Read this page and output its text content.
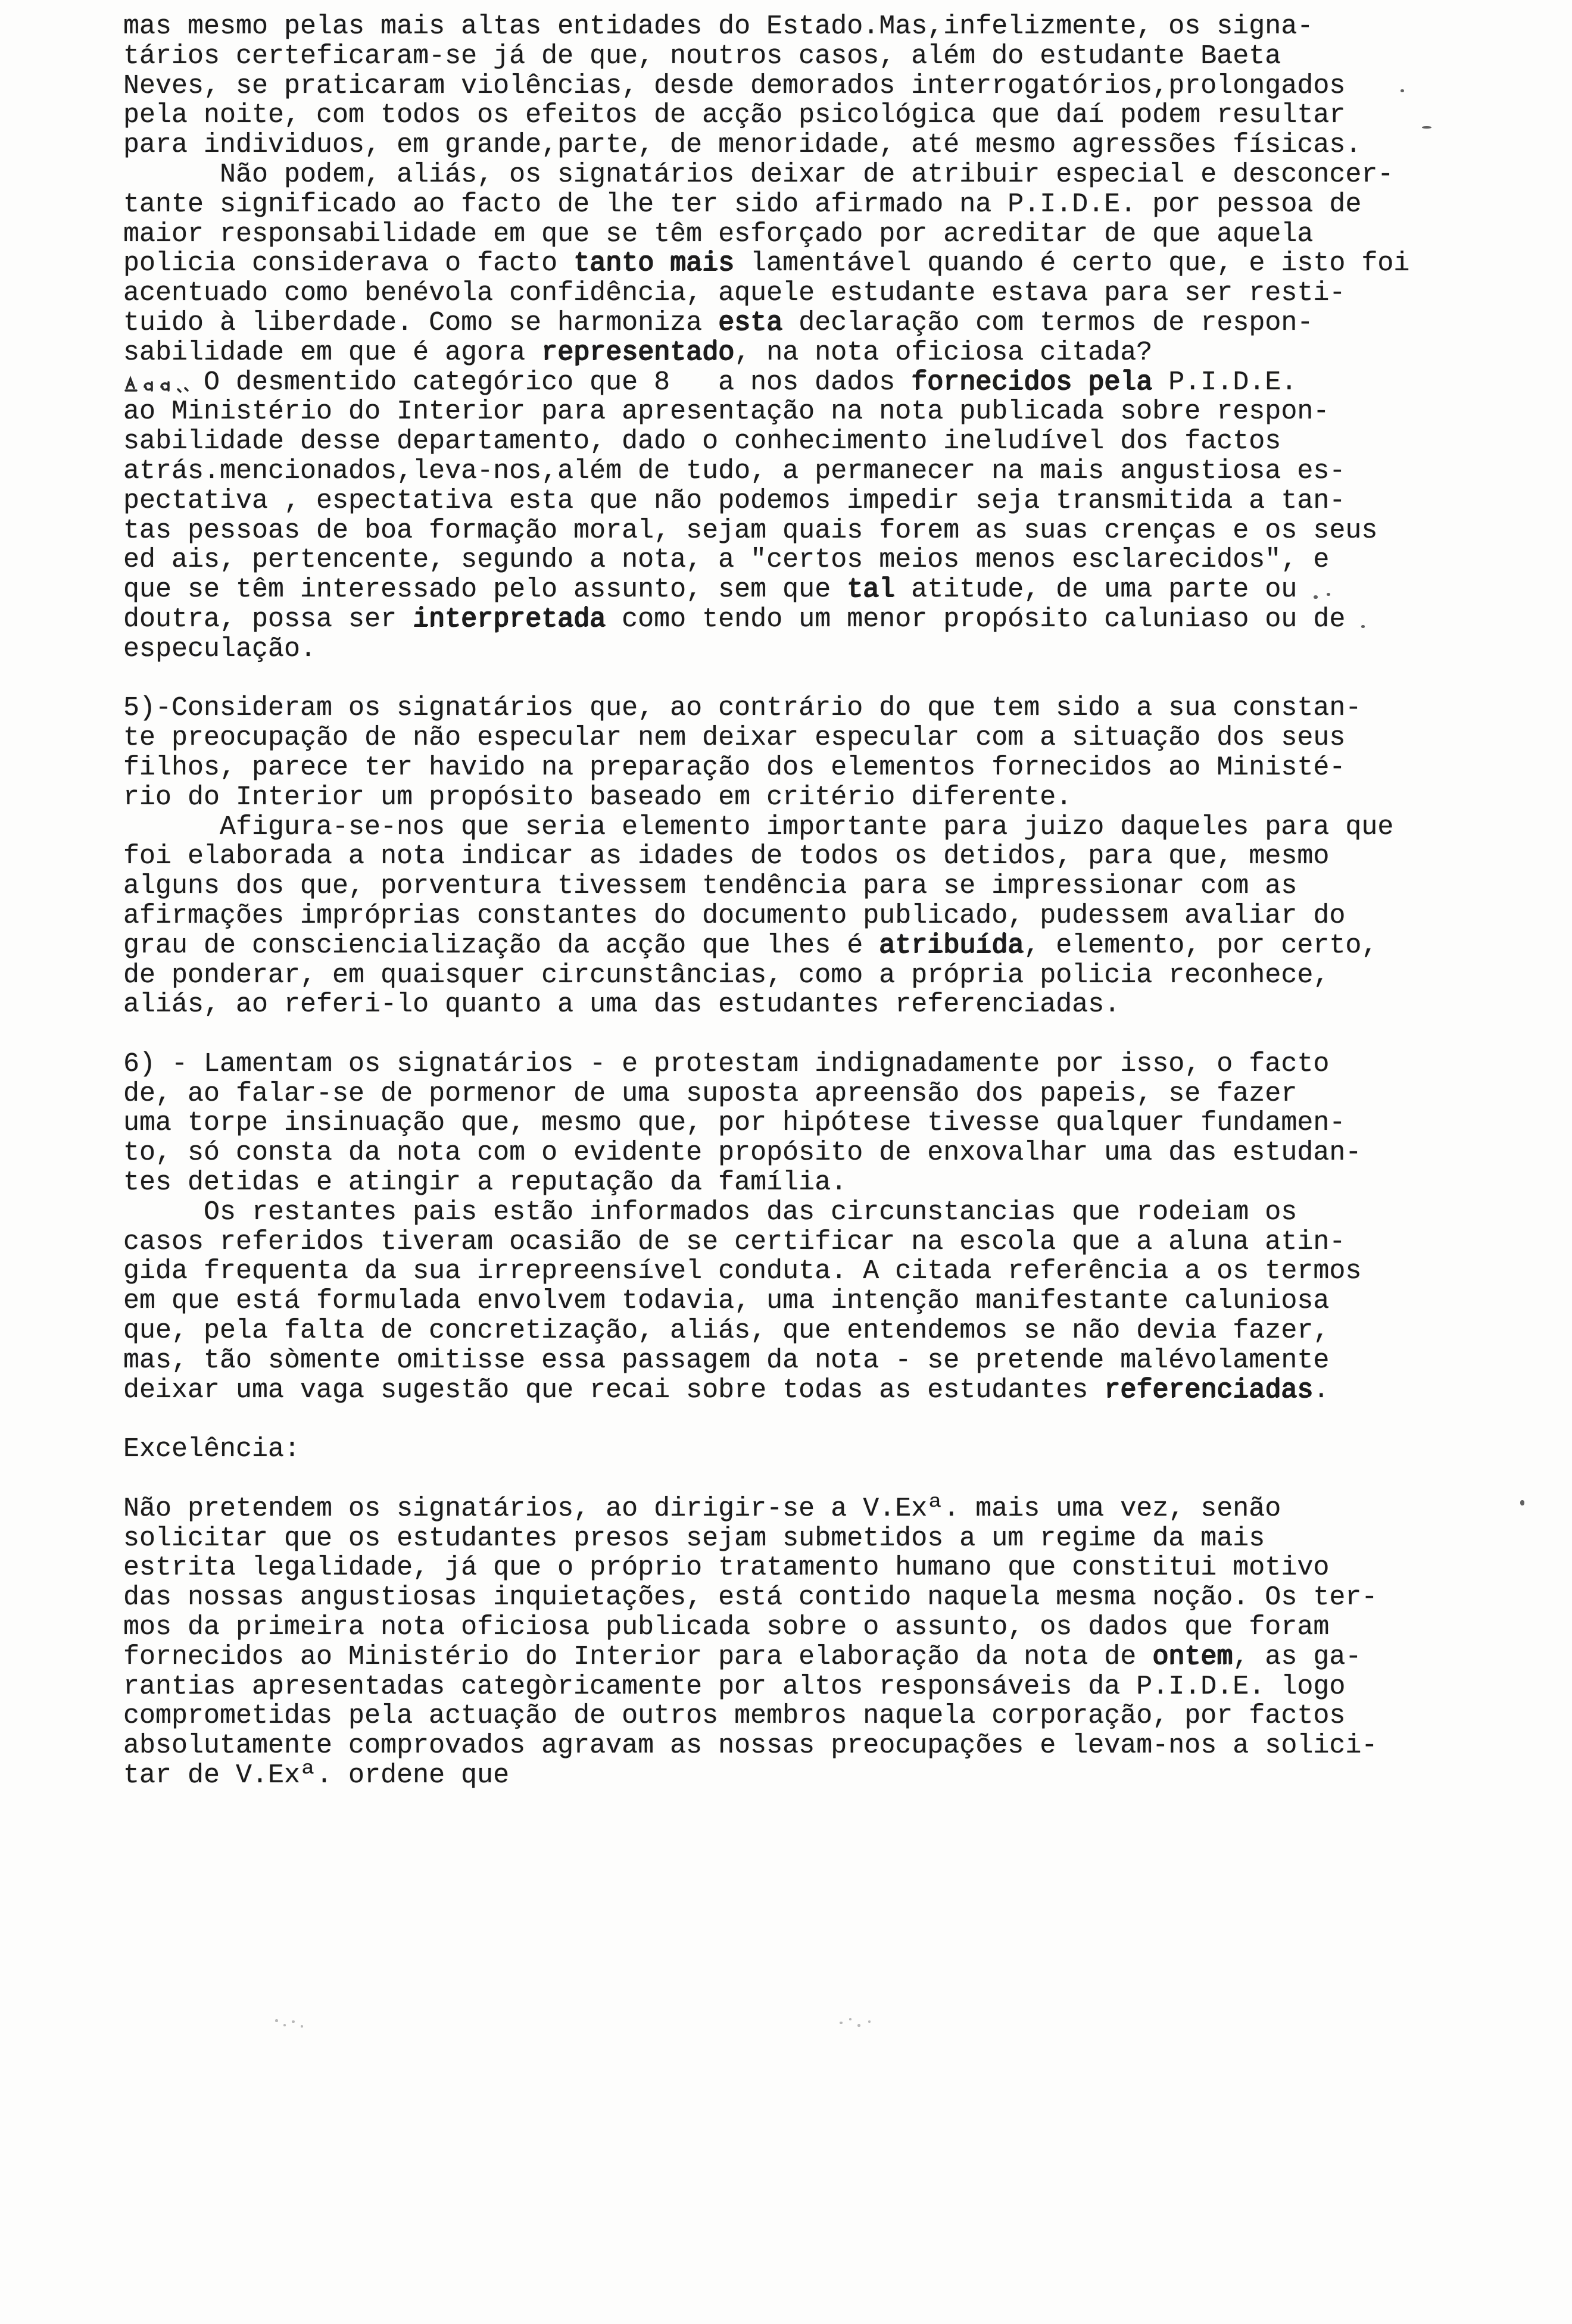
mas mesmo pelas mais altas entidades do Estado.Mas,infelizmente, os signa-
tários certeficaram-se já de que, noutros casos, além do estudante Baeta
Neves, se praticaram violências, desde demorados interrogatórios,prolongados
pela noite, com todos os efeitos de acção psicológica que daí podem resultar
para individuos, em grande,parte, de menoridade, até mesmo agressões físicas.
Não podem, aliás, os signatários deixar de atribuir especial e desconcer-
tante significado ao facto de lhe ter sido afirmado na P.I.D.E. por pessoa de
maior responsabilidade em que se têm esforçado por acreditar de que aquela
policia considerava o facto tanto mais lamentável quando é certo que, e isto foi
acentuado como benévola confidência, aquele estudante estava para ser resti-
tuido à liberdade. Como se harmoniza esta declaração com termos de respon-
sabilidade em que é agora representado, na nota oficiosa citada?
O desmentido categórico que 8   a nos dados fornecidos pela P.I.D.E.
ao Ministério do Interior para apresentação na nota publicada sobre respon-
sabilidade desse departamento, dado o conhecimento ineludível dos factos
atrás.mencionados,leva-nos,além de tudo, a permanecer na mais angustiosa es-
pectativa , espectativa esta que não podemos impedir seja transmitida a tan-
tas pessoas de boa formação moral, sejam quais forem as suas crenças e os seus
ed ais, pertencente, segundo a nota, a "certos meios menos esclarecidos", e
que se têm interessado pelo assunto, sem que tal atitude, de uma parte ou
doutra, possa ser interpretada como tendo um menor propósito caluniaso ou de
especulação.
5)-Consideram os signatários que, ao contrário do que tem sido a sua constan-
te preocupação de não especular nem deixar especular com a situação dos seus
filhos, parece ter havido na preparação dos elementos fornecidos ao Ministé-
rio do Interior um propósito baseado em critério diferente.
Afigura-se-nos que seria elemento importante para juizo daqueles para que
foi elaborada a nota indicar as idades de todos os detidos, para que, mesmo
alguns dos que, porventura tivessem tendência para se impressionar com as
afirmações impróprias constantes do documento publicado, pudessem avaliar do
grau de consciencialização da acção que lhes é atribuída, elemento, por certo,
de ponderar, em quaisquer circunstâncias, como a própria policia reconhece,
aliás, ao referi-lo quanto a uma das estudantes referenciadas.
6) - Lamentam os signatários - e protestam indignadamente por isso, o facto
de, ao falar-se de pormenor de uma suposta apreensão dos papeis, se fazer
uma torpe insinuação que, mesmo que, por hipótese tivesse qualquer fundamen-
to, só consta da nota com o evidente propósito de enxovalhar uma das estudan-
tes detidas e atingir a reputação da família.
Os restantes pais estão informados das circunstancias que rodeiam os
casos referidos tiveram ocasião de se certificar na escola que a aluna atin-
gida frequenta da sua irrepreensível conduta. A citada referência a os termos
em que está formulada envolvem todavia, uma intenção manifestante caluniosa
que, pela falta de concretização, aliás, que entendemos se não devia fazer,
mas, tão sòmente omitisse essa passagem da nota - se pretende malévolamente
deixar uma vaga sugestão que recai sobre todas as estudantes referenciadas.
Excelência:
Não pretendem os signatários, ao dirigir-se a V.Exª. mais uma vez, senão
solicitar que os estudantes presos sejam submetidos a um regime da mais
estrita legalidade, já que o próprio tratamento humano que constitui motivo
das nossas angustiosas inquietações, está contido naquela mesma noção. Os ter-
mos da primeira nota oficiosa publicada sobre o assunto, os dados que foram
fornecidos ao Ministério do Interior para elaboração da nota de ontem, as ga-
rantias apresentadas categòricamente por altos responsáveis da P.I.D.E. logo
comprometidas pela actuação de outros membros naquela corporação, por factos
absolutamente comprovados agravam as nossas preocupações e levam-nos a solici-
tar de V.Exª. ordene que
